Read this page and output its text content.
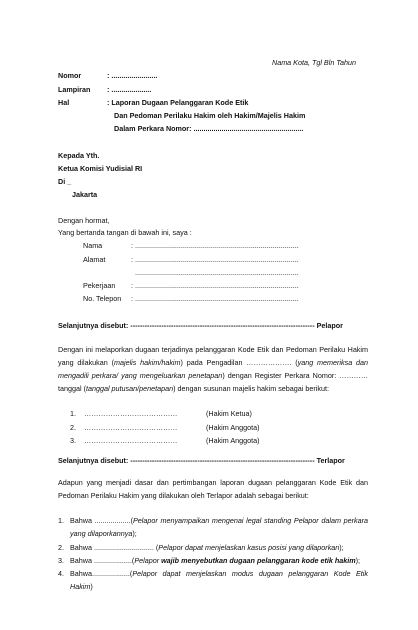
Nama Kota, Tgl Bln Tahun
Nomor	: .......................
Lampiran : ....................
Hal	: Laporan Dugaan Pelanggaran Kode Etik
Dan Pedoman Perilaku Hakim oleh Hakim/Majelis Hakim
Dalam Perkara Nomor: .......................................................
Kepada Yth.
Ketua Komisi Yudisial RI
Di _
Jakarta
Dengan hormat,
Yang bertanda tangan di bawah ini, saya :
Nama	: ..................................................................................
Alamat	: ..................................................................................
..................................................................................
Pekerjaan : ..................................................................................
No. Telepon : ..................................................................................
Selanjutnya disebut: ----------------------------------------------------------------------------- Pelapor
Dengan ini melaporkan dugaan terjadinya pelanggaran Kode Etik dan Pedoman Perilaku Hakim yang dilakukan (majelis hakim/hakim) pada Pengadilan ………………. (yang memeriksa dan mengadili perkara/ yang mengeluarkan penetapan) dengan Register Perkara Nomor: ………… tanggal (tanggal putusan/penetapan) dengan susunan majelis hakim sebagai berikut:
1. …………………………………	(Hakim Ketua)
2. …………………………………	(Hakim Anggota)
3. …………………………………	(Hakim Anggota)
Selanjutnya disebut: ----------------------------------------------------------------------------- Terlapor
Adapun yang menjadi dasar dan pertimbangan laporan dugaan pelanggaran Kode Etik dan Pedoman Perilaku Hakim yang dilakukan oleh Terlapor adalah sebagai berikut:
1. Bahwa ..................(Pelapor menyampaikan mengenai legal standing Pelapor dalam perkara yang dilaporkannya);
2. Bahwa .............................. (Pelapor dapat menjelaskan kasus posisi yang dilaporkan);
3. Bahwa ...................(Pelapor wajib menyebutkan dugaan pelanggaran kode etik hakim);
4. Bahwa...................(Pelapor dapat menjelaskan modus dugaan pelanggaran Kode Etik Hakim)
